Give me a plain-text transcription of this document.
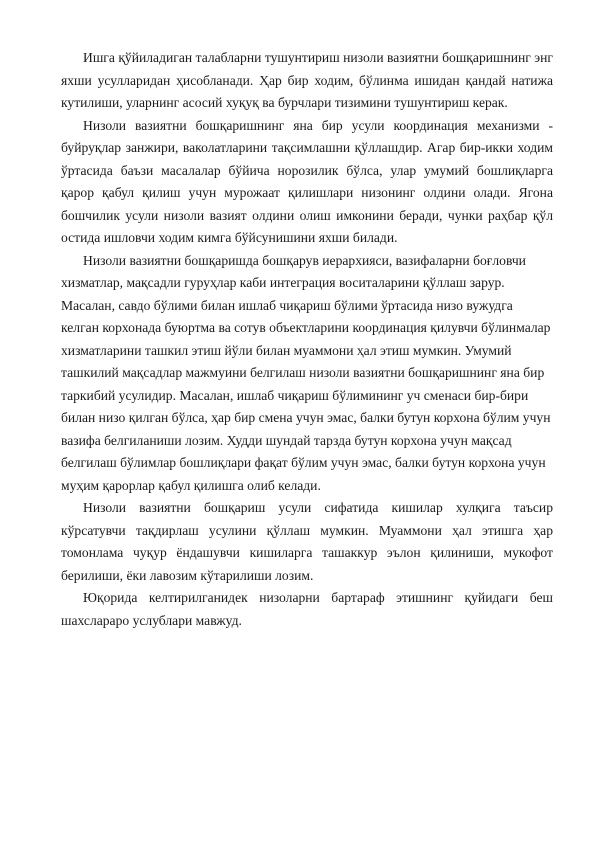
Ишга қўйиладиган талабларни тушунтириш низоли вазиятни бошқаришнинг энг яхши усулларидан ҳисобланади. Ҳар бир ходим, бўлинма ишидан қандай натижа кутилиши, уларнинг асосий хуқуқ ва бурчлари тизимини тушунтириш керак.

Низоли вазиятни бошқаришнинг яна бир усули координация механизми - буйруқлар занжири, ваколатларини тақсимлашни қўллашдир. Агар бир-икки ходим ўртасида баъзи масалалар бўйича норозилик бўлса, улар умумий бошлиқларга қарор қабул қилиш учун мурожаат қилишлари низонинг олдини олади. Ягона бошчилик усули низоли вазият олдини олиш имконини беради, чунки раҳбар қўл остида ишловчи ходим кимга бўйсунишини яхши билади.

Низоли вазиятни бошқаришда бошқарув иерархияси, вазифаларни боғловчи хизматлар, мақсадли гуруҳлар каби интеграция воситаларини қўллаш зарур. Масалан, савдо бўлими билан ишлаб чиқариш бўлими ўртасида низо вужудга келган корхонада буюртма ва сотув объектларини координация қилувчи бўлинмалар хизматларини ташкил этиш йўли билан муаммони ҳал этиш мумкин. Умумий ташкилий мақсадлар мажмуини белгилаш низоли вазиятни бошқаришнинг яна бир таркибий усулидир. Масалан, ишлаб чиқариш бўлимининг уч сменаси бир-бири билан низо қилган бўлса, ҳар бир смена учун эмас, балки бутун корхона бўлим учун вазифа белгиланиши лозим. Худди шундай тарзда бутун корхона учун мақсад белгилаш бўлимлар бошлиқлари фақат бўлим учун эмас, балки бутун корхона учун муҳим қарорлар қабул қилишга олиб келади.

Низоли вазиятни бошқариш усули сифатида кишилар хулқига таъсир кўрсатувчи тақдирлаш усулини қўллаш мумкин. Муаммони ҳал этишга ҳар томонлама чуқур ёндашувчи кишиларга ташаккур эълон қилиниши, мукофот берилиши, ёки лавозим кўтарилиши лозим.

Юқорида келтирилганидек низоларни бартараф этишнинг қуйидаги беш шахслараро услублари мавжуд.
